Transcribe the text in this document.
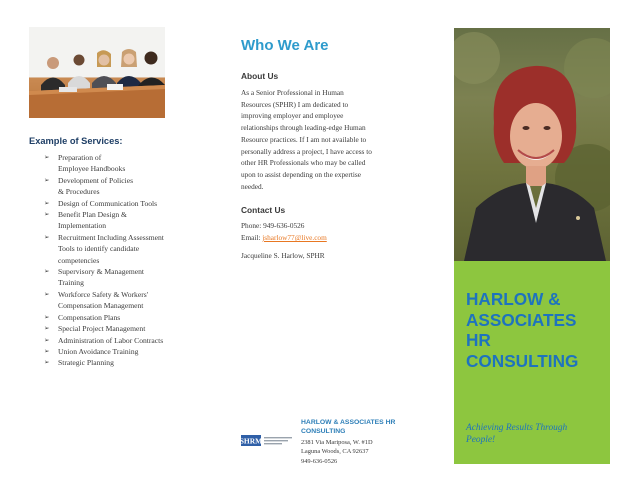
Example of Services:
➢ Preparation of
Employee Handbooks
➢ Development of Policies
& Procedures
➢ Design of Communication Tools
➢ Benefit Plan Design &
Implementation
➢ Recruitment Including Assessment
Tools to identify candidate
competencies
➢ Supervisory & Management
Training
➢ Workforce Safety & Workers'
Compensation Management
➢ Compensation Plans
➢ Special Project Management
➢ Administration of Labor Contracts
➢ Union Avoidance Training
➢ Strategic Planning
Who We Are
About Us
As a Senior Professional in Human
Resources (SPHR) I am dedicated to
improving employer and employee
relationships through leading-edge Human
Resource practices. If I am not available to
personally address a project, I have access to
other HR Professionals who may be called
upon to assist depending on the expertise
needed.
Contact Us
Phone: 949-636-0526
Email: jsharlow77@live.com
Jacqueline S. Harlow, SPHR
SHRM
HARLOW & ASSOCIATES HR CONSULTING
2381 Via Mariposa, W. #1D
Laguna Woods, CA 92637
949-636-0526
HARLOW &
ASSOCIATES
HR
CONSULTING
Achieving Results Through
People!
